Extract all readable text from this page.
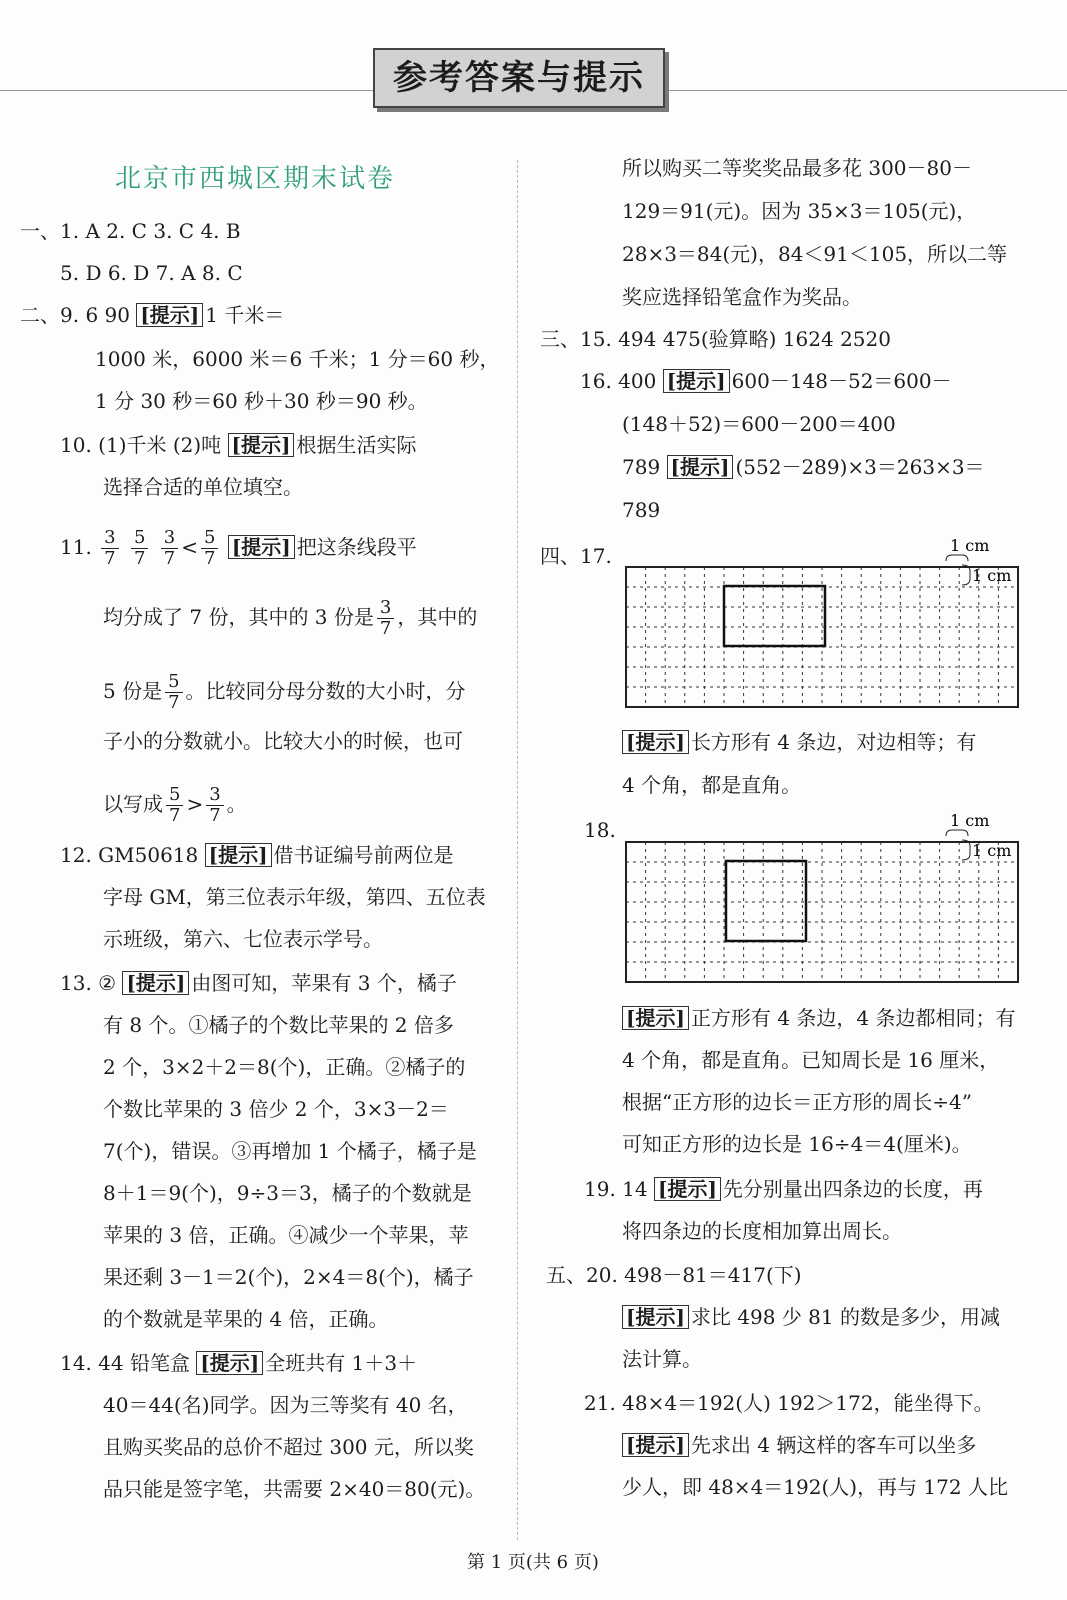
参考答案与提示
北京市西城区期末试卷
一、1. A 2. C 3. C 4. B
5. D 6. D 7. A 8. C
二、9. 6 90 [提示] 1 千米＝
1000 米，6000 米＝6 千米；1 分＝60 秒，
1 分 30 秒＝60 秒＋30 秒＝90 秒。
10. (1)千米 (2)吨 [提示] 根据生活实际
选择合适的单位填空。
11. $\frac{3}{7}$
$\frac{5}{7}$
$\frac{3}{7} < \frac{5}{7}$ [提示] 把这条线段平
均分成了 7 份，其中的 3 份是 $\frac{3}{7}$ ，其中的
5 份是 $\frac{5}{7}$ 。比较同分母分数的大小时，分
子小的分数就小。比较大小的时候，也可
以写成 $\frac{5}{7} > \frac{3}{7}$ 。
12. GM50618 [提示] 借书证编号前两位是
字母 GM，第三位表示年级，第四、五位表
示班级，第六、七位表示学号。
13. ② [提示] 由图可知，苹果有 3 个，橘子
有 8 个。①橘子的个数比苹果的 2 倍多
2 个，3×2＋2＝8(个)，正确。②橘子的
个数比苹果的 3 倍少 2 个，3×3－2＝
7(个)，错误。③再增加 1 个橘子，橘子是
8＋1＝9(个)，9÷3＝3，橘子的个数就是
苹果的 3 倍，正确。④减少一个苹果，苹
果还剩 3－1＝2(个)，2×4＝8(个)，橘子
的个数就是苹果的 4 倍，正确。
14. 44 铅笔盒 [提示] 全班共有 1＋3＋
40＝44(名)同学。因为三等奖有 40 名，
且购买奖品的总价不超过 300 元，所以奖
品只能是签字笔，共需要 2×40＝80(元)。
所以购买二等奖奖品最多花 300－80－
129＝91(元)。因为 35×3＝105(元)，
28×3＝84(元)，84＜91＜105，所以二等
奖应选择铅笔盒作为奖品。
三、15. 494 475(验算略) 1624 2520
16. 400 [提示] 600－148－52＝600－
(148＋52)＝600－200＝400
789 [提示] (552－289)×3＝263×3＝
789
四、17.	1 cm
1 cm
[提示] 长方形有 4 条边，对边相等；有
4 个角，都是直角。
18.	1 cm
1 cm
[提示] 正方形有 4 条边，4 条边都相同；有
4 个角，都是直角。已知周长是 16 厘米，
根据“正方形的边长＝正方形的周长÷4”
可知正方形的边长是 16÷4＝4(厘米)。
19. 14 [提示] 先分别量出四条边的长度，再
将四条边的长度相加算出周长。
五、20. 498－81＝417(下)
[提示] 求比 498 少 81 的数是多少，用减
法计算。
21. 48×4＝192(人) 192＞172，能坐得下。
[提示] 先求出 4 辆这样的客车可以坐多
少人，即 48×4＝192(人)，再与 172 人比
第 1 页(共 6 页)
